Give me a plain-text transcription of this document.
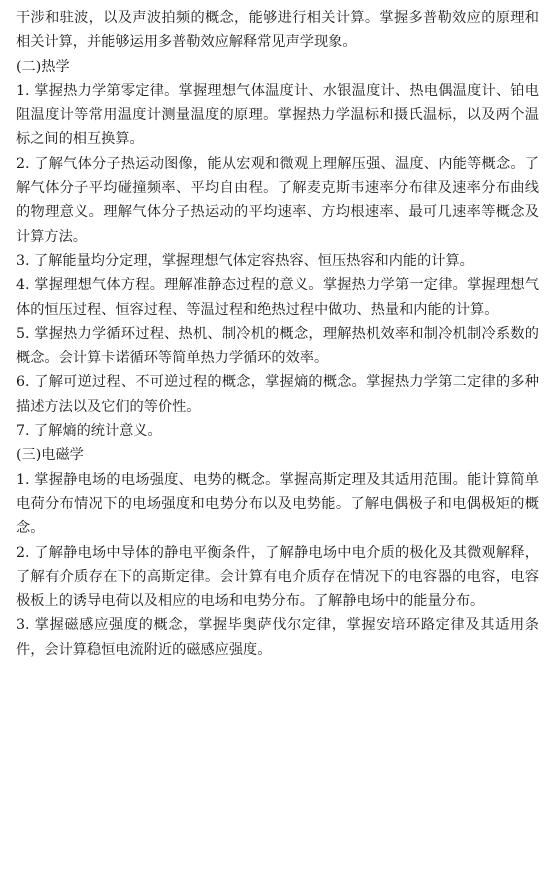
干涉和驻波，以及声波拍频的概念，能够进行相关计算。掌握多普勒效应的原理和相关计算，并能够运用多普勒效应解释常见声学现象。

(二)热学

1. 掌握热力学第零定律。掌握理想气体温度计、水银温度计、热电偶温度计、铂电阻温度计等常用温度计测量温度的原理。掌握热力学温标和摄氏温标，以及两个温标之间的相互换算。

2. 了解气体分子热运动图像，能从宏观和微观上理解压强、温度、内能等概念。了解气体分子平均碰撞频率、平均自由程。了解麦克斯韦速率分布律及速率分布曲线的物理意义。理解气体分子热运动的平均速率、方均根速率、最可几速率等概念及计算方法。

3. 了解能量均分定理，掌握理想气体定容热容、恒压热容和内能的计算。

4. 掌握理想气体方程。理解准静态过程的意义。掌握热力学第一定律。掌握理想气体的恒压过程、恒容过程、等温过程和绝热过程中做功、热量和内能的计算。

5. 掌握热力学循环过程、热机、制冷机的概念，理解热机效率和制冷机制冷系数的概念。会计算卡诺循环等简单热力学循环的效率。

6. 了解可逆过程、不可逆过程的概念，掌握熵的概念。掌握热力学第二定律的多种描述方法以及它们的等价性。

7. 了解熵的统计意义。

(三)电磁学

1. 掌握静电场的电场强度、电势的概念。掌握高斯定理及其适用范围。能计算简单电荷分布情况下的电场强度和电势分布以及电势能。了解电偶极子和电偶极矩的概念。

2. 了解静电场中导体的静电平衡条件，了解静电场中电介质的极化及其微观解释，了解有介质存在下的高斯定律。会计算有电介质存在情况下的电容器的电容，电容极板上的诱导电荷以及相应的电场和电势分布。了解静电场中的能量分布。

3. 掌握磁感应强度的概念，掌握毕奥萨伐尔定律，掌握安培环路定律及其适用条件，会计算稳恒电流附近的磁感应强度。
